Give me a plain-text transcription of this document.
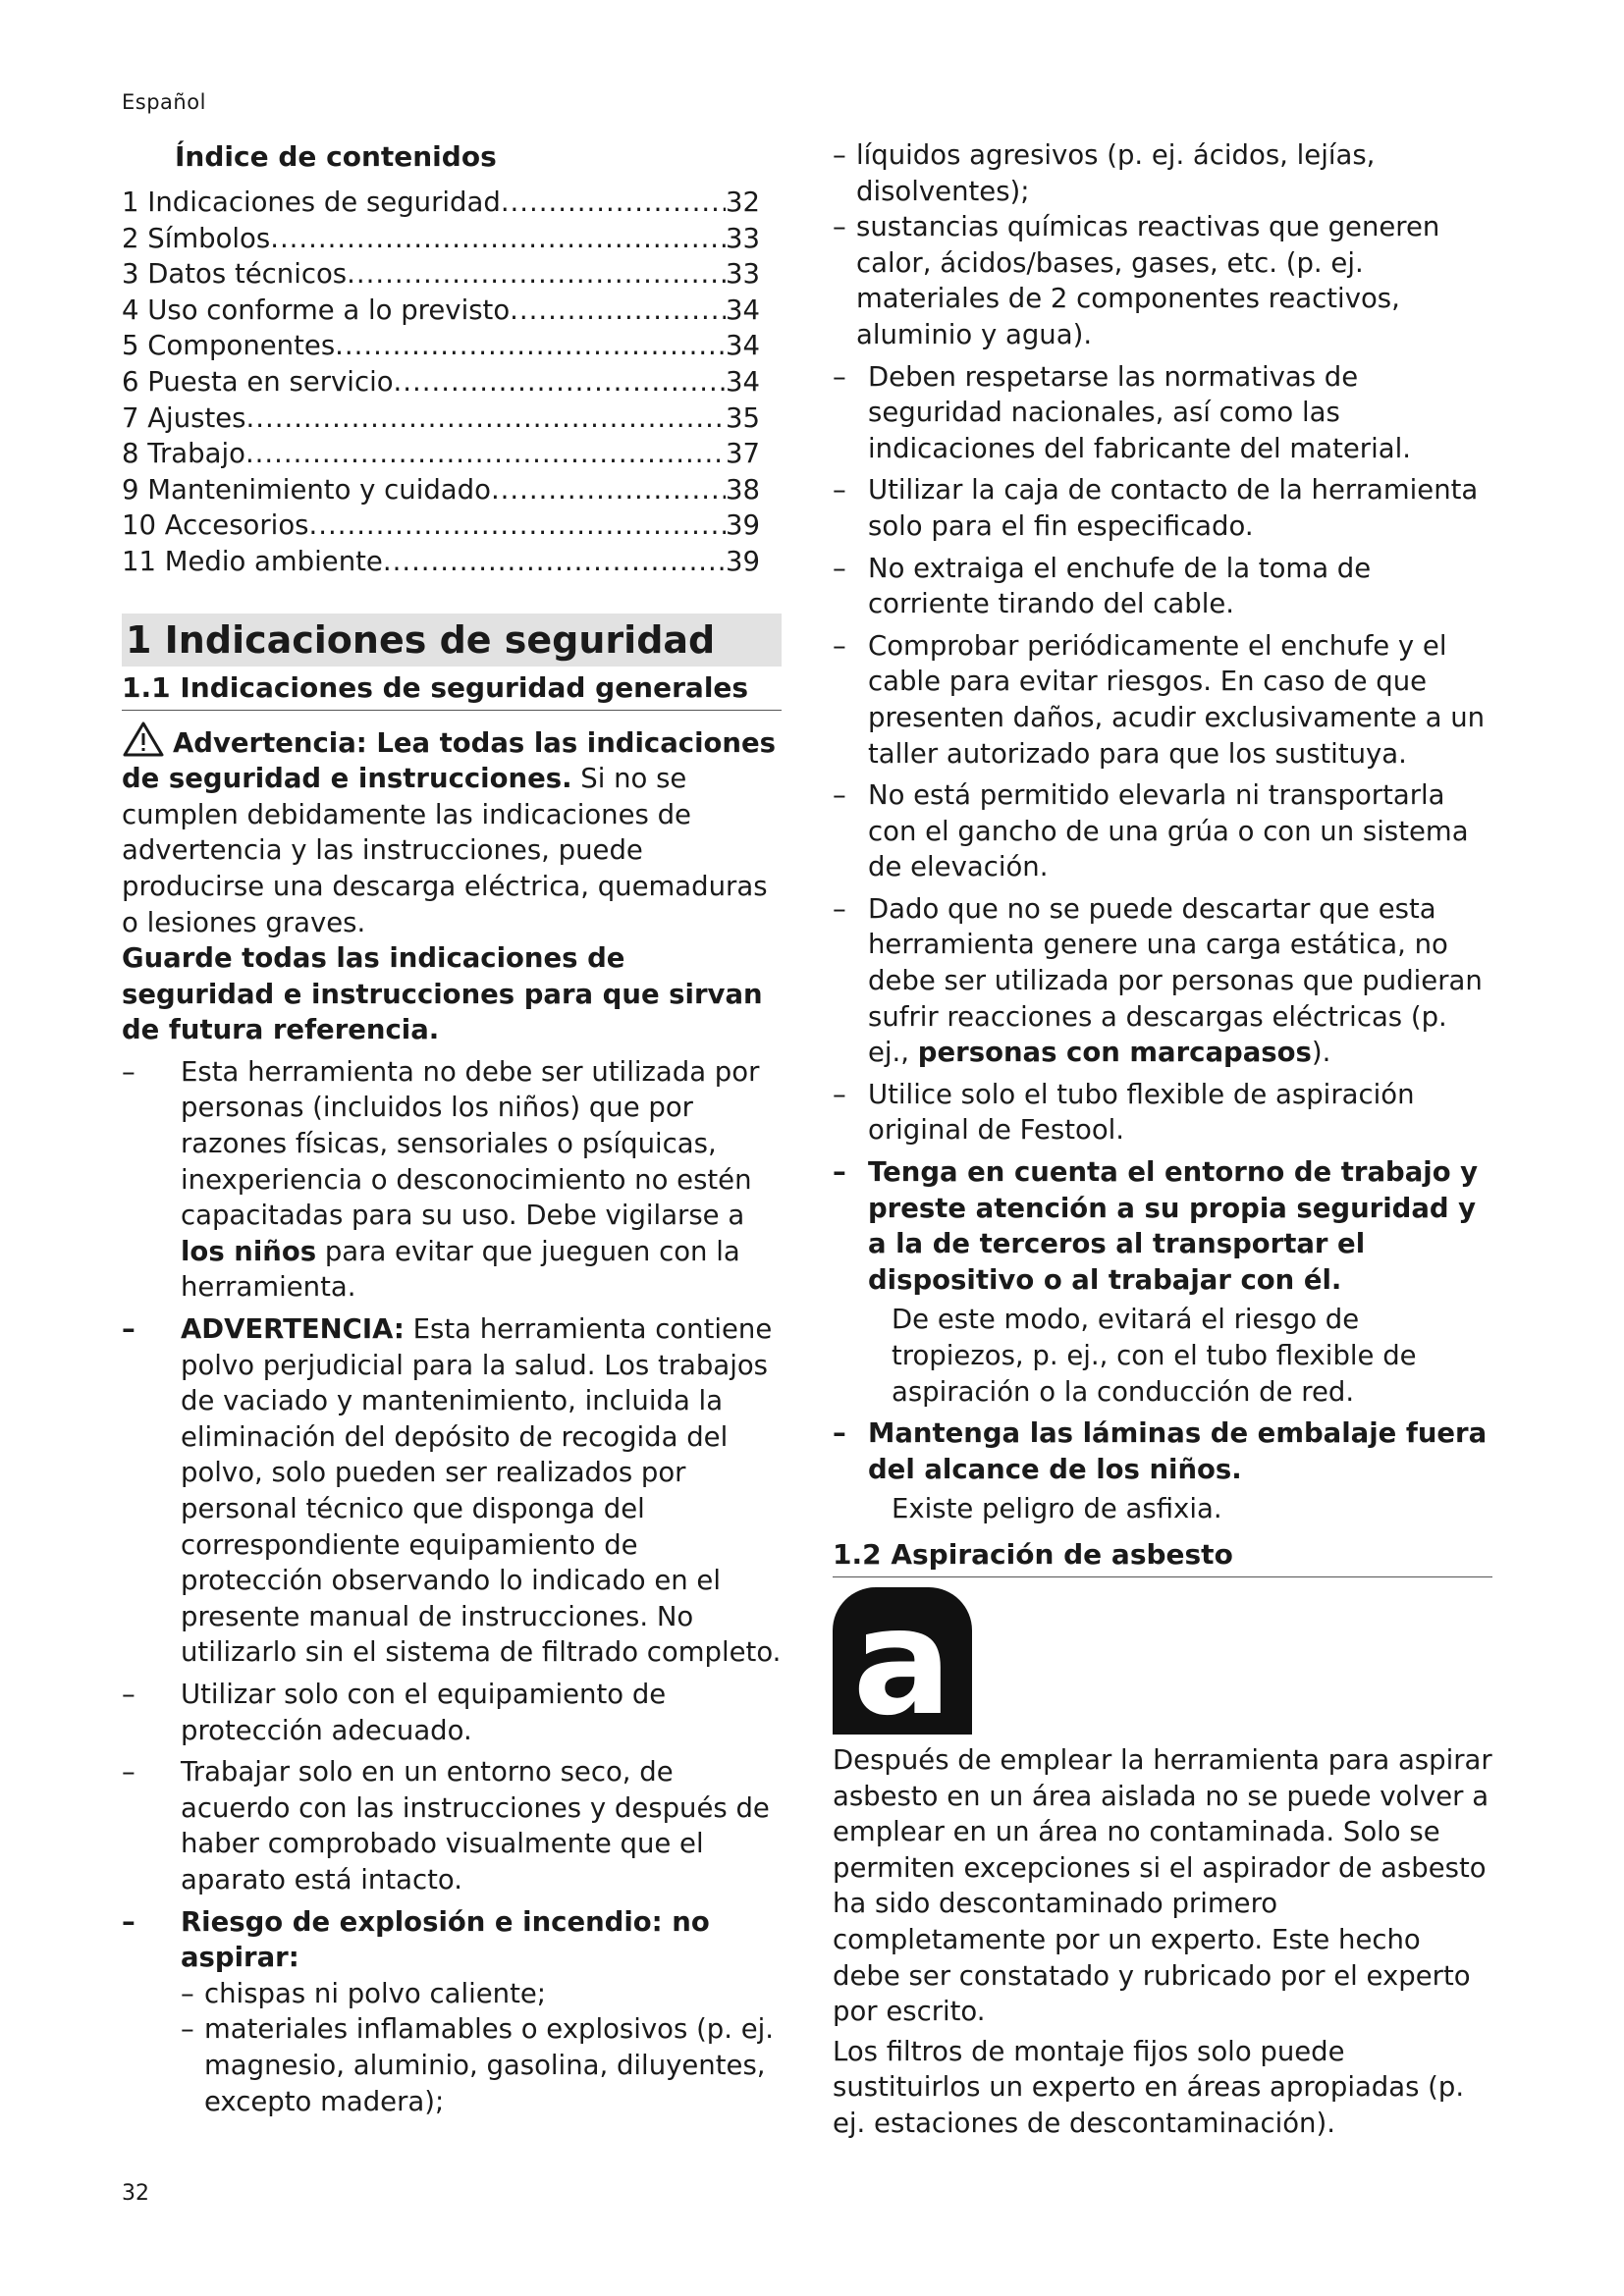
Español
Índice de contenidos
1 Indicaciones de seguridad .....	32
2 Símbolos .....	33
3 Datos técnicos .....	33
4 Uso conforme a lo previsto .....	34
5 Componentes .....	34
6 Puesta en servicio .....	34
7 Ajustes .....	35
8 Trabajo .....	37
9 Mantenimiento y cuidado .....	38
10 Accesorios .....	39
11 Medio ambiente .....	39
1 Indicaciones de seguridad
1.1 Indicaciones de seguridad generales

Advertencia: Lea todas las indicaciones de seguridad e instrucciones. Si no se cumplen debidamente las indicaciones de advertencia y las instrucciones, puede producirse una descarga eléctrica, quemaduras o lesiones graves.

Guarde todas las indicaciones de seguridad e instrucciones para que sirvan de futura referencia.

– Esta herramienta no debe ser utilizada por personas (incluidos los niños) que por razones físicas, sensoriales o psíquicas, inexperiencia o desconocimiento no estén capacitadas para su uso. Debe vigilarse a los niños para evitar que jueguen con la herramienta.
– ADVERTENCIA: Esta herramienta contiene polvo perjudicial para la salud. Los trabajos de vaciado y mantenimiento, incluida la eliminación del depósito de recogida del polvo, solo pueden ser realizados por personal técnico que disponga del correspondiente equipamiento de protección observando lo indicado en el presente manual de instrucciones. No utilizarlo sin el sistema de filtrado completo.
– Utilizar solo con el equipamiento de protección adecuado.
– Trabajar solo en un entorno seco, de acuerdo con las instrucciones y después de haber comprobado visualmente que el aparato está intacto.
– Riesgo de explosión e incendio: no aspirar:
– chispas ni polvo caliente;
– materiales inflamables o explosivos (p. ej. magnesio, aluminio, gasolina, diluyentes, excepto madera);
– líquidos agresivos (p. ej. ácidos, lejías, disolventes);
– sustancias químicas reactivas que generen calor, ácidos/bases, gases, etc. (p. ej. materiales de 2 componentes reactivos, aluminio y agua).
– Deben respetarse las normativas de seguridad nacionales, así como las indicaciones del fabricante del material.
– Utilizar la caja de contacto de la herramienta solo para el fin especificado.
– No extraiga el enchufe de la toma de corriente tirando del cable.
– Comprobar periódicamente el enchufe y el cable para evitar riesgos. En caso de que presenten daños, acudir exclusivamente a un taller autorizado para que los sustituya.
– No está permitido elevarla ni transportarla con el gancho de una grúa o con un sistema de elevación.
– Dado que no se puede descartar que esta herramienta genere una carga estática, no debe ser utilizada por personas que pudieran sufrir reacciones a descargas eléctricas (p. ej., personas con marcapasos).
– Utilice solo el tubo flexible de aspiración original de Festool.
– Tenga en cuenta el entorno de trabajo y preste atención a su propia seguridad y a la de terceros al transportar el dispositivo o al trabajar con él.
De este modo, evitará el riesgo de tropiezos, p. ej., con el tubo flexible de aspiración o la conducción de red.
– Mantenga las láminas de embalaje fuera del alcance de los niños.
Existe peligro de asfixia.
1.2 Aspiración de asbesto
a

Después de emplear la herramienta para aspirar asbesto en un área aislada no se puede volver a emplear en un área no contaminada. Solo se permiten excepciones si el aspirador de asbesto ha sido descontaminado primero completamente por un experto. Este hecho debe ser constatado y rubricado por el experto por escrito.

Los filtros de montaje fijos solo puede sustituirlos un experto en áreas apropiadas (p. ej. estaciones de descontaminación).

32
